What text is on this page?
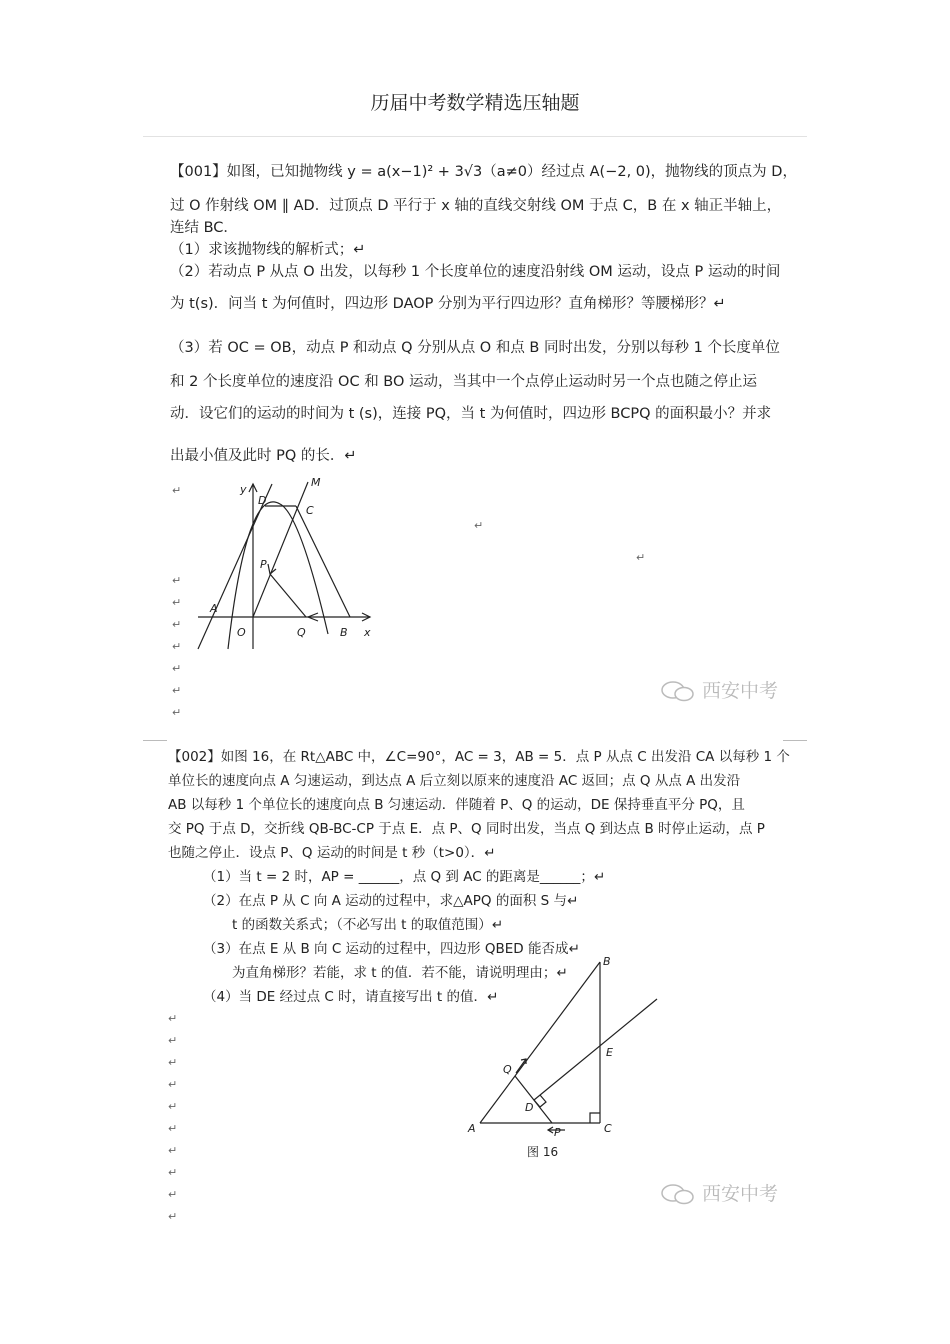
历届中考数学精选压轴题
【001】如图，已知抛物线 y = a(x−1)² + 3√3（a≠0）经过点 A(−2, 0)，抛物线的顶点为 D，
过 O 作射线 OM ∥ AD．过顶点 D 平行于 x 轴的直线交射线 OM 于点 C，B 在 x 轴正半轴上，
连结 BC．
（1）求该抛物线的解析式；↵
（2）若动点 P 从点 O 出发，以每秒 1 个长度单位的速度沿射线 OM 运动，设点 P 运动的时间
为 t(s)．问当 t 为何值时，四边形 DAOP 分别为平行四边形？直角梯形？等腰梯形？↵
（3）若 OC = OB，动点 P 和动点 Q 分别从点 O 和点 B 同时出发，分别以每秒 1 个长度单位
和 2 个长度单位的速度沿 OC 和 BO 运动，当其中一个点停止运动时另一个点也随之停止运
动．设它们的运动的时间为 t (s)，连接 PQ，当 t 为何值时，四边形 BCPQ 的面积最小？并求
出最小值及此时 PQ 的长．↵
↵
↵
↵
↵
↵
↵
↵
↵
↵
↵
y
x
D
M
C
P
A
O	Q	B
西安中考
【002】如图 16，在 Rt△ABC 中，∠C=90°，AC = 3，AB = 5．点 P 从点 C 出发沿 CA 以每秒 1 个
单位长的速度向点 A 匀速运动，到达点 A 后立刻以原来的速度沿 AC 返回；点 Q 从点 A 出发沿
AB 以每秒 1 个单位长的速度向点 B 匀速运动．伴随着 P、Q 的运动，DE 保持垂直平分 PQ，且
交 PQ 于点 D，交折线 QB-BC-CP 于点 E．点 P、Q 同时出发，当点 Q 到达点 B 时停止运动，点 P
也随之停止．设点 P、Q 运动的时间是 t 秒（t>0）．↵
（1）当 t = 2 时，AP = ______，点 Q 到 AC 的距离是______；↵
（2）在点 P 从 C 向 A 运动的过程中，求△APQ 的面积 S 与↵
t 的函数关系式；（不必写出 t 的取值范围）↵
（3）在点 E 从 B 向 C 运动的过程中，四边形 QBED 能否成↵
为直角梯形？若能，求 t 的值．若不能，请说明理由；↵
（4）当 DE 经过点 C 时，请直接写出 t 的值．↵
↵
↵
↵
↵
↵
↵
↵
↵
↵
↵
B
E
Q
D
A	P	C
图 16
西安中考
